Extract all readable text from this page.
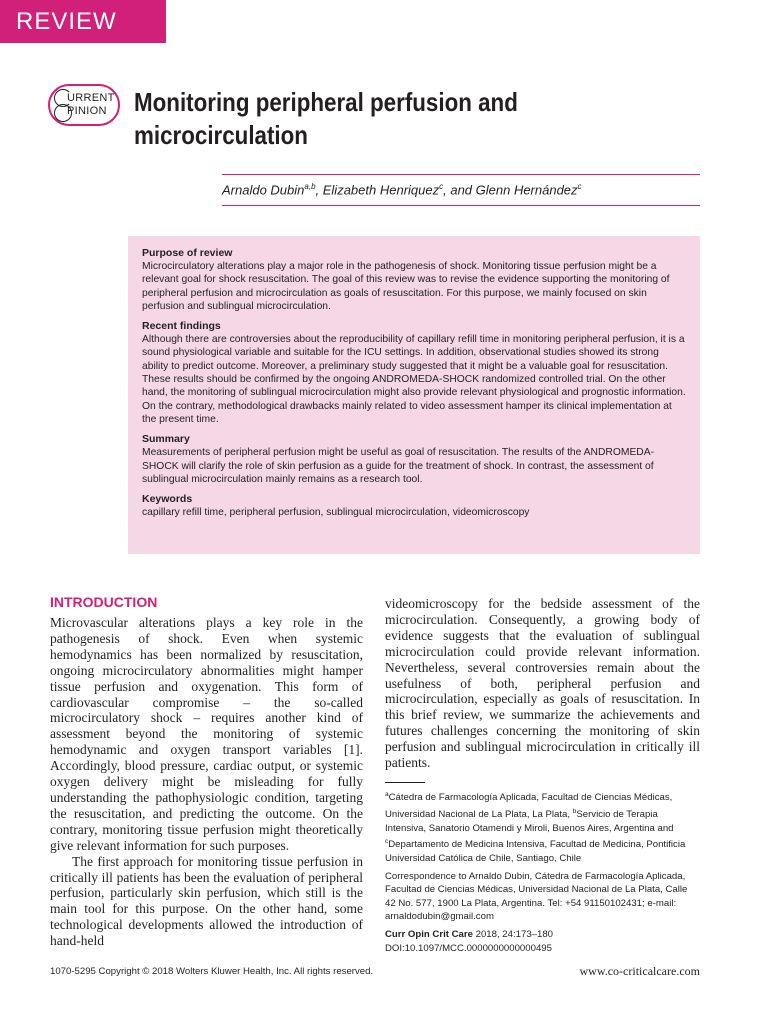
REVIEW
URRENT
PINION Monitoring peripheral perfusion and microcirculation
Arnaldo Dubin$^{a,b}$, Elizabeth Henriquez$^c$, and Glenn Hernández$^c$
Purpose of review

Microcirculatory alterations play a major role in the pathogenesis of shock. Monitoring tissue perfusion might be a relevant goal for shock resuscitation. The goal of this review was to revise the evidence supporting the monitoring of peripheral perfusion and microcirculation as goals of resuscitation. For this purpose, we mainly focused on skin perfusion and sublingual microcirculation.

Recent findings

Although there are controversies about the reproducibility of capillary refill time in monitoring peripheral perfusion, it is a sound physiological variable and suitable for the ICU settings. In addition, observational studies showed its strong ability to predict outcome. Moreover, a preliminary study suggested that it might be a valuable goal for resuscitation. These results should be confirmed by the ongoing ANDROMEDA-SHOCK randomized controlled trial. On the other hand, the monitoring of sublingual microcirculation might also provide relevant physiological and prognostic information. On the contrary, methodological drawbacks mainly related to video assessment hamper its clinical implementation at the present time.

Summary

Measurements of peripheral perfusion might be useful as goal of resuscitation. The results of the ANDROMEDA-SHOCK will clarify the role of skin perfusion as a guide for the treatment of shock. In contrast, the assessment of sublingual microcirculation mainly remains as a research tool.

Keywords

capillary refill time, peripheral perfusion, sublingual microcirculation, videomicroscopy

INTRODUCTION

Microvascular alterations plays a key role in the pathogenesis of shock. Even when systemic hemodynamics has been normalized by resuscitation, ongoing microcirculatory abnormalities might hamper tissue perfusion and oxygenation. This form of cardiovascular compromise – the so-called microcirculatory shock – requires another kind of assessment beyond the monitoring of systemic hemodynamic and oxygen transport variables [1]. Accordingly, blood pressure, cardiac output, or systemic oxygen delivery might be misleading for fully understanding the pathophysiologic condition, targeting the resuscitation, and predicting the outcome. On the contrary, monitoring tissue perfusion might theoretically give relevant information for such purposes.

The first approach for monitoring tissue perfusion in critically ill patients has been the evaluation of peripheral perfusion, particularly skin perfusion, which still is the main tool for this purpose. On the other hand, some technological developments allowed the introduction of hand-held

videomicroscopy for the bedside assessment of the microcirculation. Consequently, a growing body of evidence suggests that the evaluation of sublingual microcirculation could provide relevant information. Nevertheless, several controversies remain about the usefulness of both, peripheral perfusion and microcirculation, especially as goals of resuscitation. In this brief review, we summarize the achievements and futures challenges concerning the monitoring of skin perfusion and sublingual microcirculation in critically ill patients.

$^a$Cátedra de Farmacología Aplicada, Facultad de Ciencias Médicas, Universidad Nacional de La Plata, La Plata, $^b$Servicio de Terapia Intensiva, Sanatorio Otamendi y Miroli, Buenos Aires, Argentina and $^c$Departamento de Medicina Intensiva, Facultad de Medicina, Pontificia Universidad Católica de Chile, Santiago, Chile

Correspondence to Arnaldo Dubin, Cátedra de Farmacología Aplicada, Facultad de Ciencias Médicas, Universidad Nacional de La Plata, Calle 42 No. 577, 1900 La Plata, Argentina. Tel: +54 91150102431; e-mail: arnaldodubin@gmail.com

Curr Opin Crit Care 2018, 24:173–180

DOI:10.1097/MCC.0000000000000495

1070-5295 Copyright © 2018 Wolters Kluwer Health, Inc. All rights reserved.	www.co-criticalcare.com
